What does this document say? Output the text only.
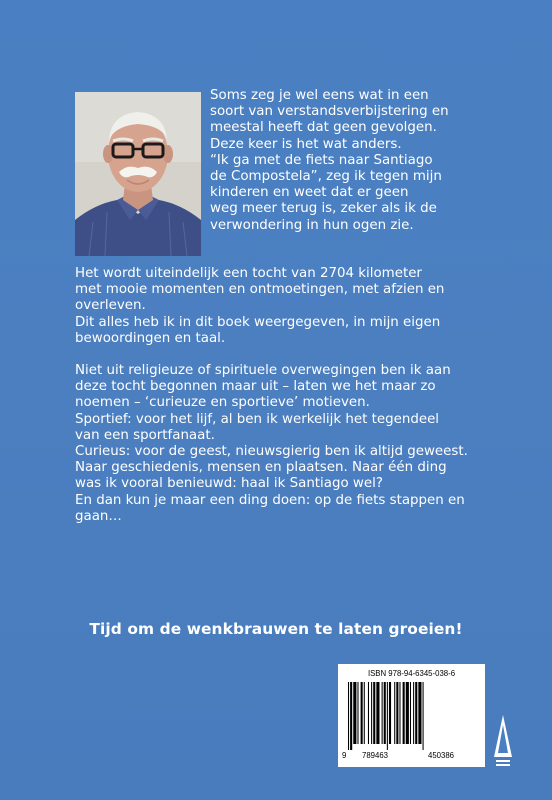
Soms zeg je wel eens wat in een
soort van verstandsverbijstering en
meestal heeft dat geen gevolgen.
Deze keer is het wat anders.
“Ik ga met de fiets naar Santiago
de Compostela”, zeg ik tegen mijn
kinderen en weet dat er geen
weg meer terug is, zeker als ik de
verwondering in hun ogen zie.

Het wordt uiteindelijk een tocht van 2704 kilometer
met mooie momenten en ontmoetingen, met afzien en
overleven.
Dit alles heb ik in dit boek weergegeven, in mijn eigen
bewoordingen en taal.

Niet uit religieuze of spirituele overwegingen ben ik aan
deze tocht begonnen maar uit – laten we het maar zo
noemen – ‘curieuze en sportieve’ motieven.
Sportief: voor het lijf, al ben ik werkelijk het tegendeel
van een sportfanaat.
Curieus: voor de geest, nieuwsgierig ben ik altijd geweest.
Naar geschiedenis, mensen en plaatsen. Naar één ding
was ik vooral benieuwd: haal ik Santiago wel?
En dan kun je maar een ding doen: op de fiets stappen en
gaan…

Tijd om de wenkbrauwen te laten groeien!
ISBN 978-94-6345-038-6
9 789463	450386
